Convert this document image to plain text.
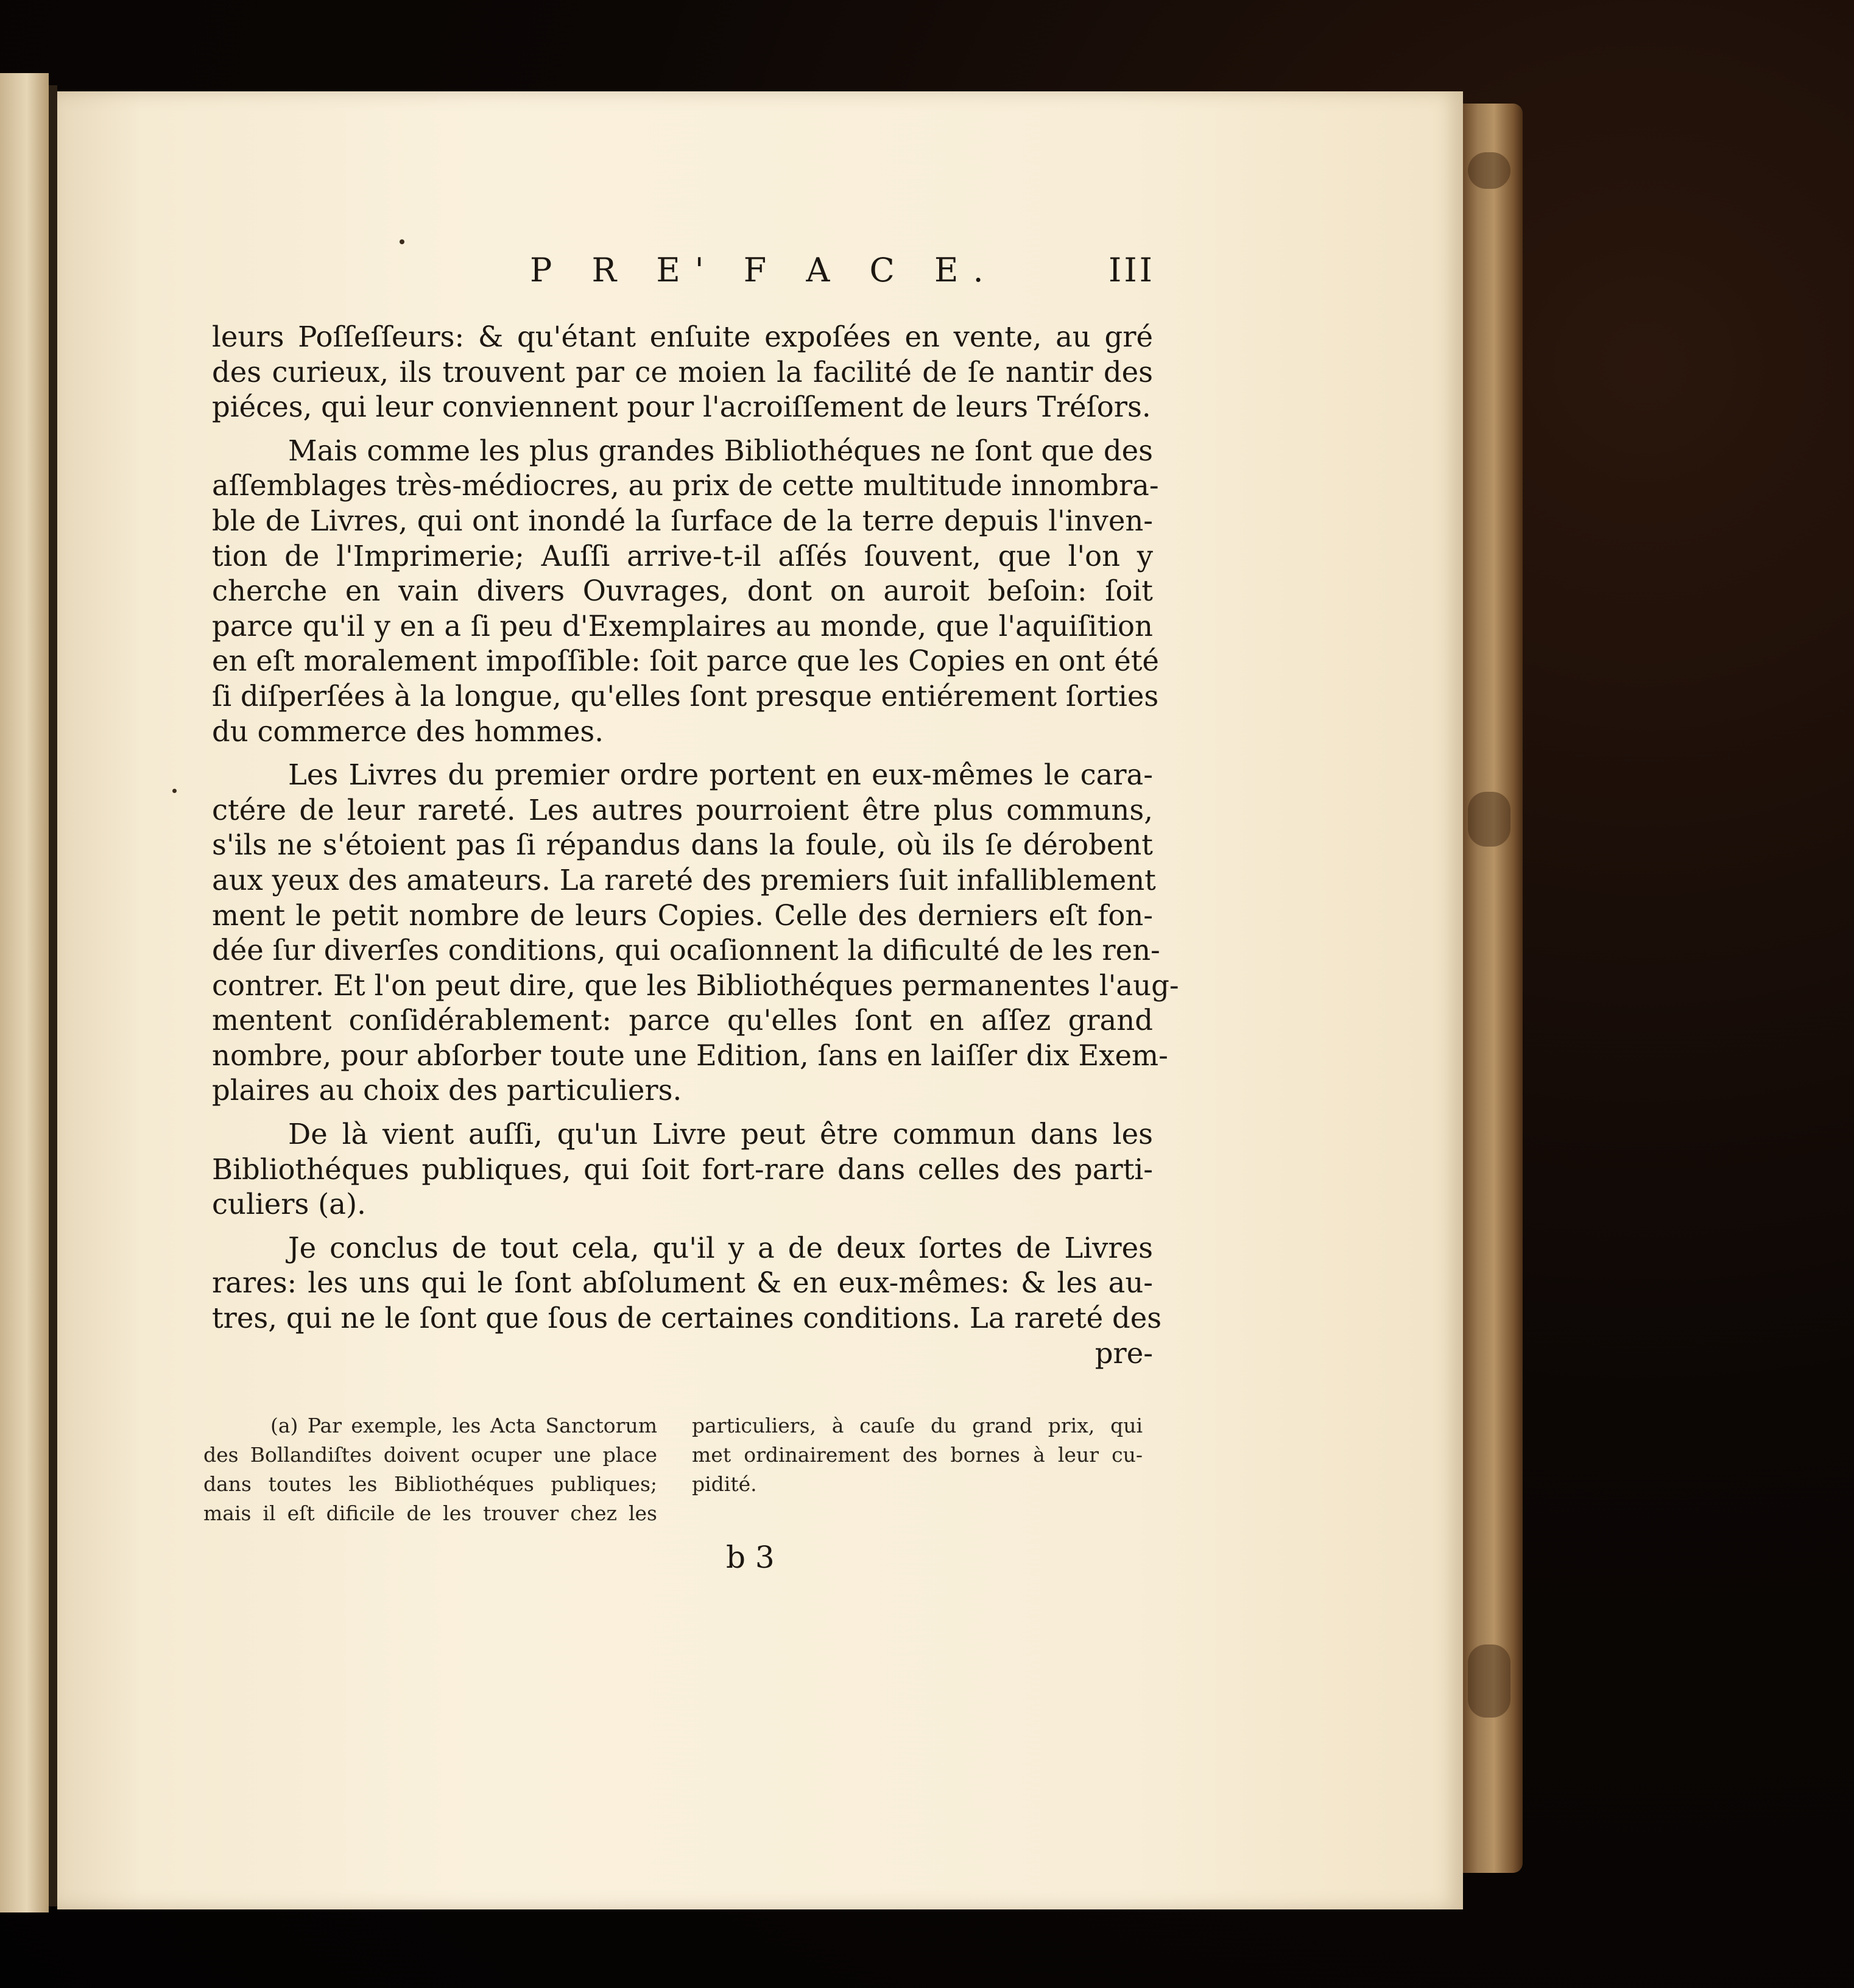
P R E' F A C E.	III
leurs Poſſeſſeurs: & qu'étant enſuite expoſées en vente, au gré
des curieux, ils trouvent par ce moien la facilité de ſe nantir des
piéces, qui leur conviennent pour l'acroiſſement de leurs Tréſors.
Mais comme les plus grandes Bibliothéques ne ſont que des
aſſemblages très-médiocres, au prix de cette multitude innombra-
ble de Livres, qui ont inondé la ſurface de la terre depuis l'inven-
tion de l'Imprimerie; Auſſi arrive-t-il aſſés ſouvent, que l'on y
cherche en vain divers Ouvrages, dont on auroit beſoin: ſoit
parce qu'il y en a ſi peu d'Exemplaires au monde, que l'aquiſition
en eſt moralement impoſſible: ſoit parce que les Copies en ont été
ſi diſperſées à la longue, qu'elles ſont presque entiérement ſorties
du commerce des hommes.
Les Livres du premier ordre portent en eux-mêmes le cara-
ctére de leur rareté. Les autres pourroient être plus communs,
s'ils ne s'étoient pas ſi répandus dans la foule, où ils ſe dérobent
aux yeux des amateurs. La rareté des premiers ſuit infalliblement
ment le petit nombre de leurs Copies. Celle des derniers eſt fon-
dée ſur diverſes conditions, qui ocaſionnent la dificulté de les ren-
contrer. Et l'on peut dire, que les Bibliothéques permanentes l'aug-
mentent conſidérablement: parce qu'elles ſont en aſſez grand
nombre, pour abſorber toute une Edition, ſans en laiſſer dix Exem-
plaires au choix des particuliers.
De là vient auſſi, qu'un Livre peut être commun dans les
Bibliothéques publiques, qui ſoit fort-rare dans celles des parti-
culiers (a).
Je conclus de tout cela, qu'il y a de deux ſortes de Livres
rares: les uns qui le ſont abſolument & en eux-mêmes: & les au-
tres, qui ne le ſont que ſous de certaines conditions. La rareté des
pre-
(a) Par exemple, les Acta Sanctorum
des Bollandiſtes doivent ocuper une place
dans toutes les Bibliothéques publiques;
mais il eſt dificile de les trouver chez les
particuliers, à cauſe du grand prix, qui
met ordinairement des bornes à leur cu-
pidité.
b 3
